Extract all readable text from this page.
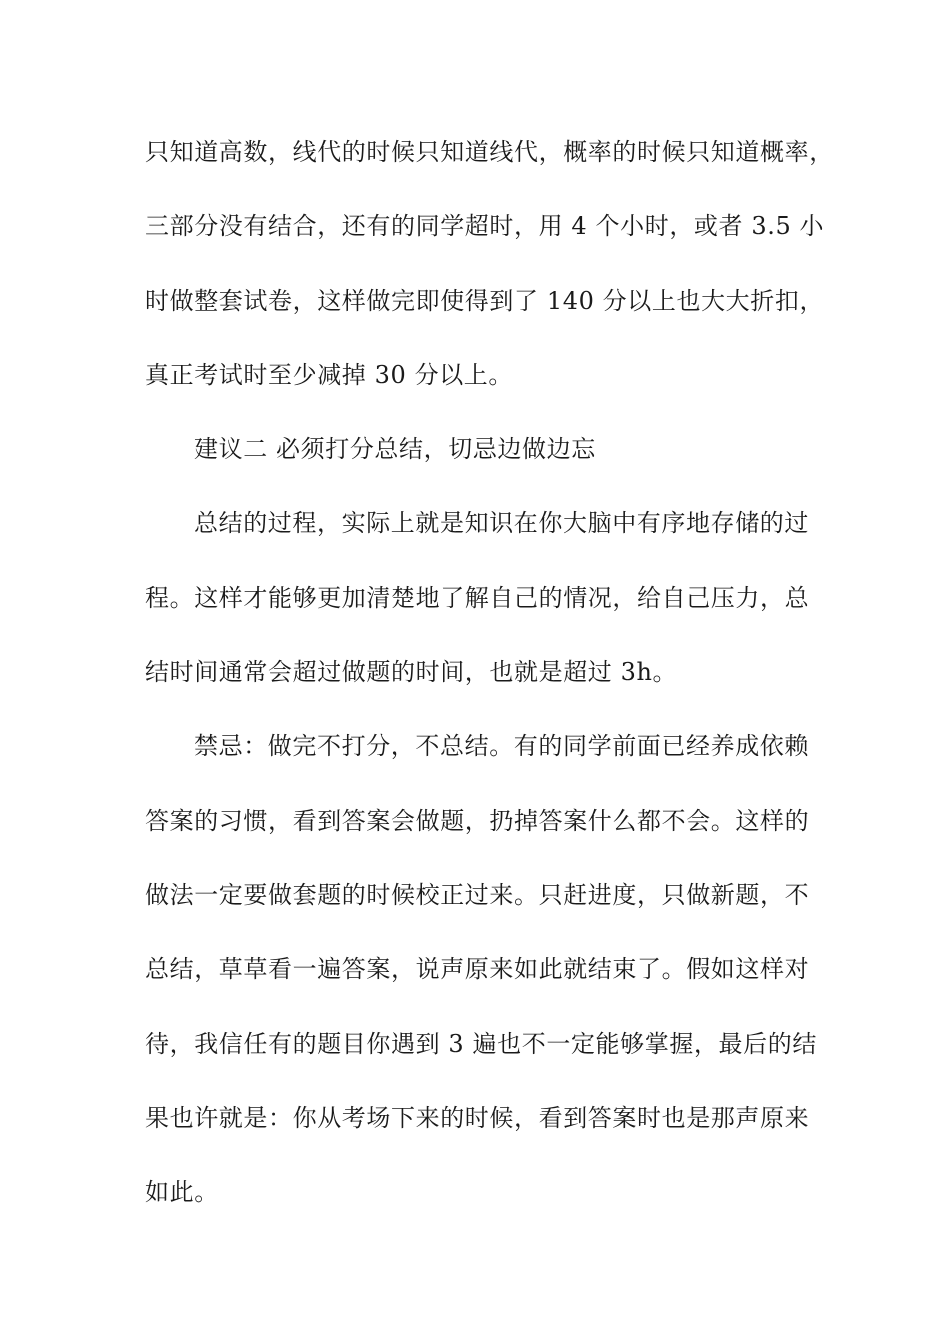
只知道高数，线代的时候只知道线代，概率的时候只知道概率，
三部分没有结合，还有的同学超时，用 4 个小时，或者 3.5 小
时做整套试卷，这样做完即使得到了 140 分以上也大大折扣，
真正考试时至少减掉 30 分以上。
建议二 必须打分总结，切忌边做边忘
总结的过程，实际上就是知识在你大脑中有序地存储的过
程。这样才能够更加清楚地了解自己的情况，给自己压力，总
结时间通常会超过做题的时间，也就是超过 3h。
禁忌：做完不打分，不总结。有的同学前面已经养成依赖
答案的习惯，看到答案会做题，扔掉答案什么都不会。这样的
做法一定要做套题的时候校正过来。只赶进度，只做新题，不
总结，草草看一遍答案，说声原来如此就结束了。假如这样对
待，我信任有的题目你遇到 3 遍也不一定能够掌握，最后的结
果也许就是：你从考场下来的时候，看到答案时也是那声原来
如此。
